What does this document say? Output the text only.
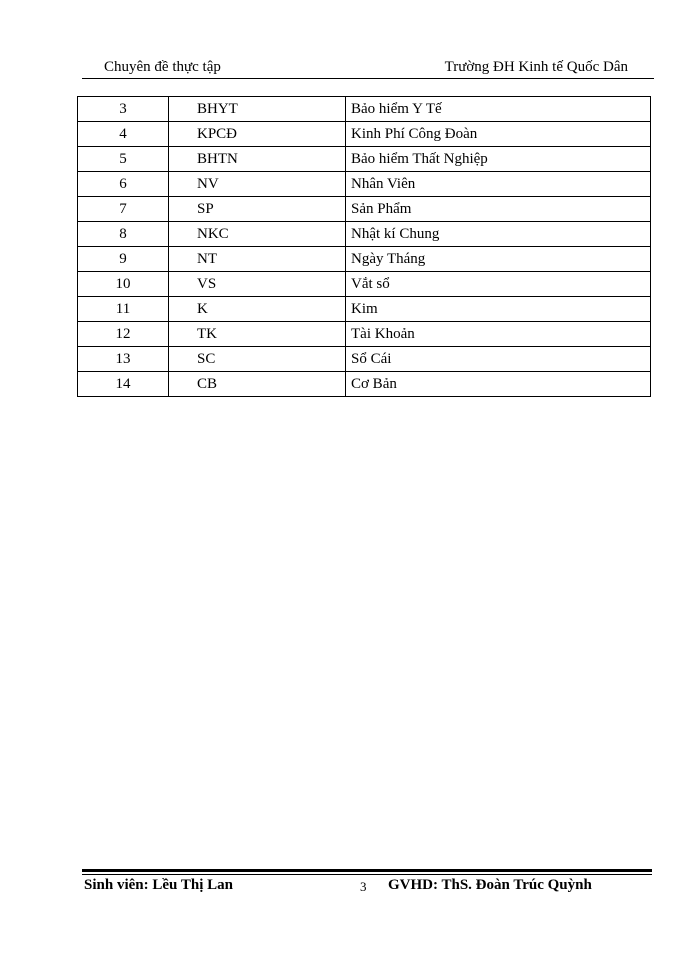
Chuyên đề thực tập	Trường ĐH Kinh tế Quốc Dân
3	BHYT	Bảo hiểm Y Tế
4	KPCĐ	Kinh Phí Công Đoàn
5	BHTN	Bảo hiểm Thất Nghiệp
6	NV	Nhân Viên
7	SP	Sản Phẩm
8	NKC	Nhật kí Chung
9	NT	Ngày Tháng
10	VS	Vắt sổ
11	K	Kim
12	TK	Tài Khoản
13	SC	Sổ Cái
14	CB	Cơ Bản
Sinh viên: Lều Thị Lan	3 GVHD: ThS. Đoàn Trúc Quỳnh
